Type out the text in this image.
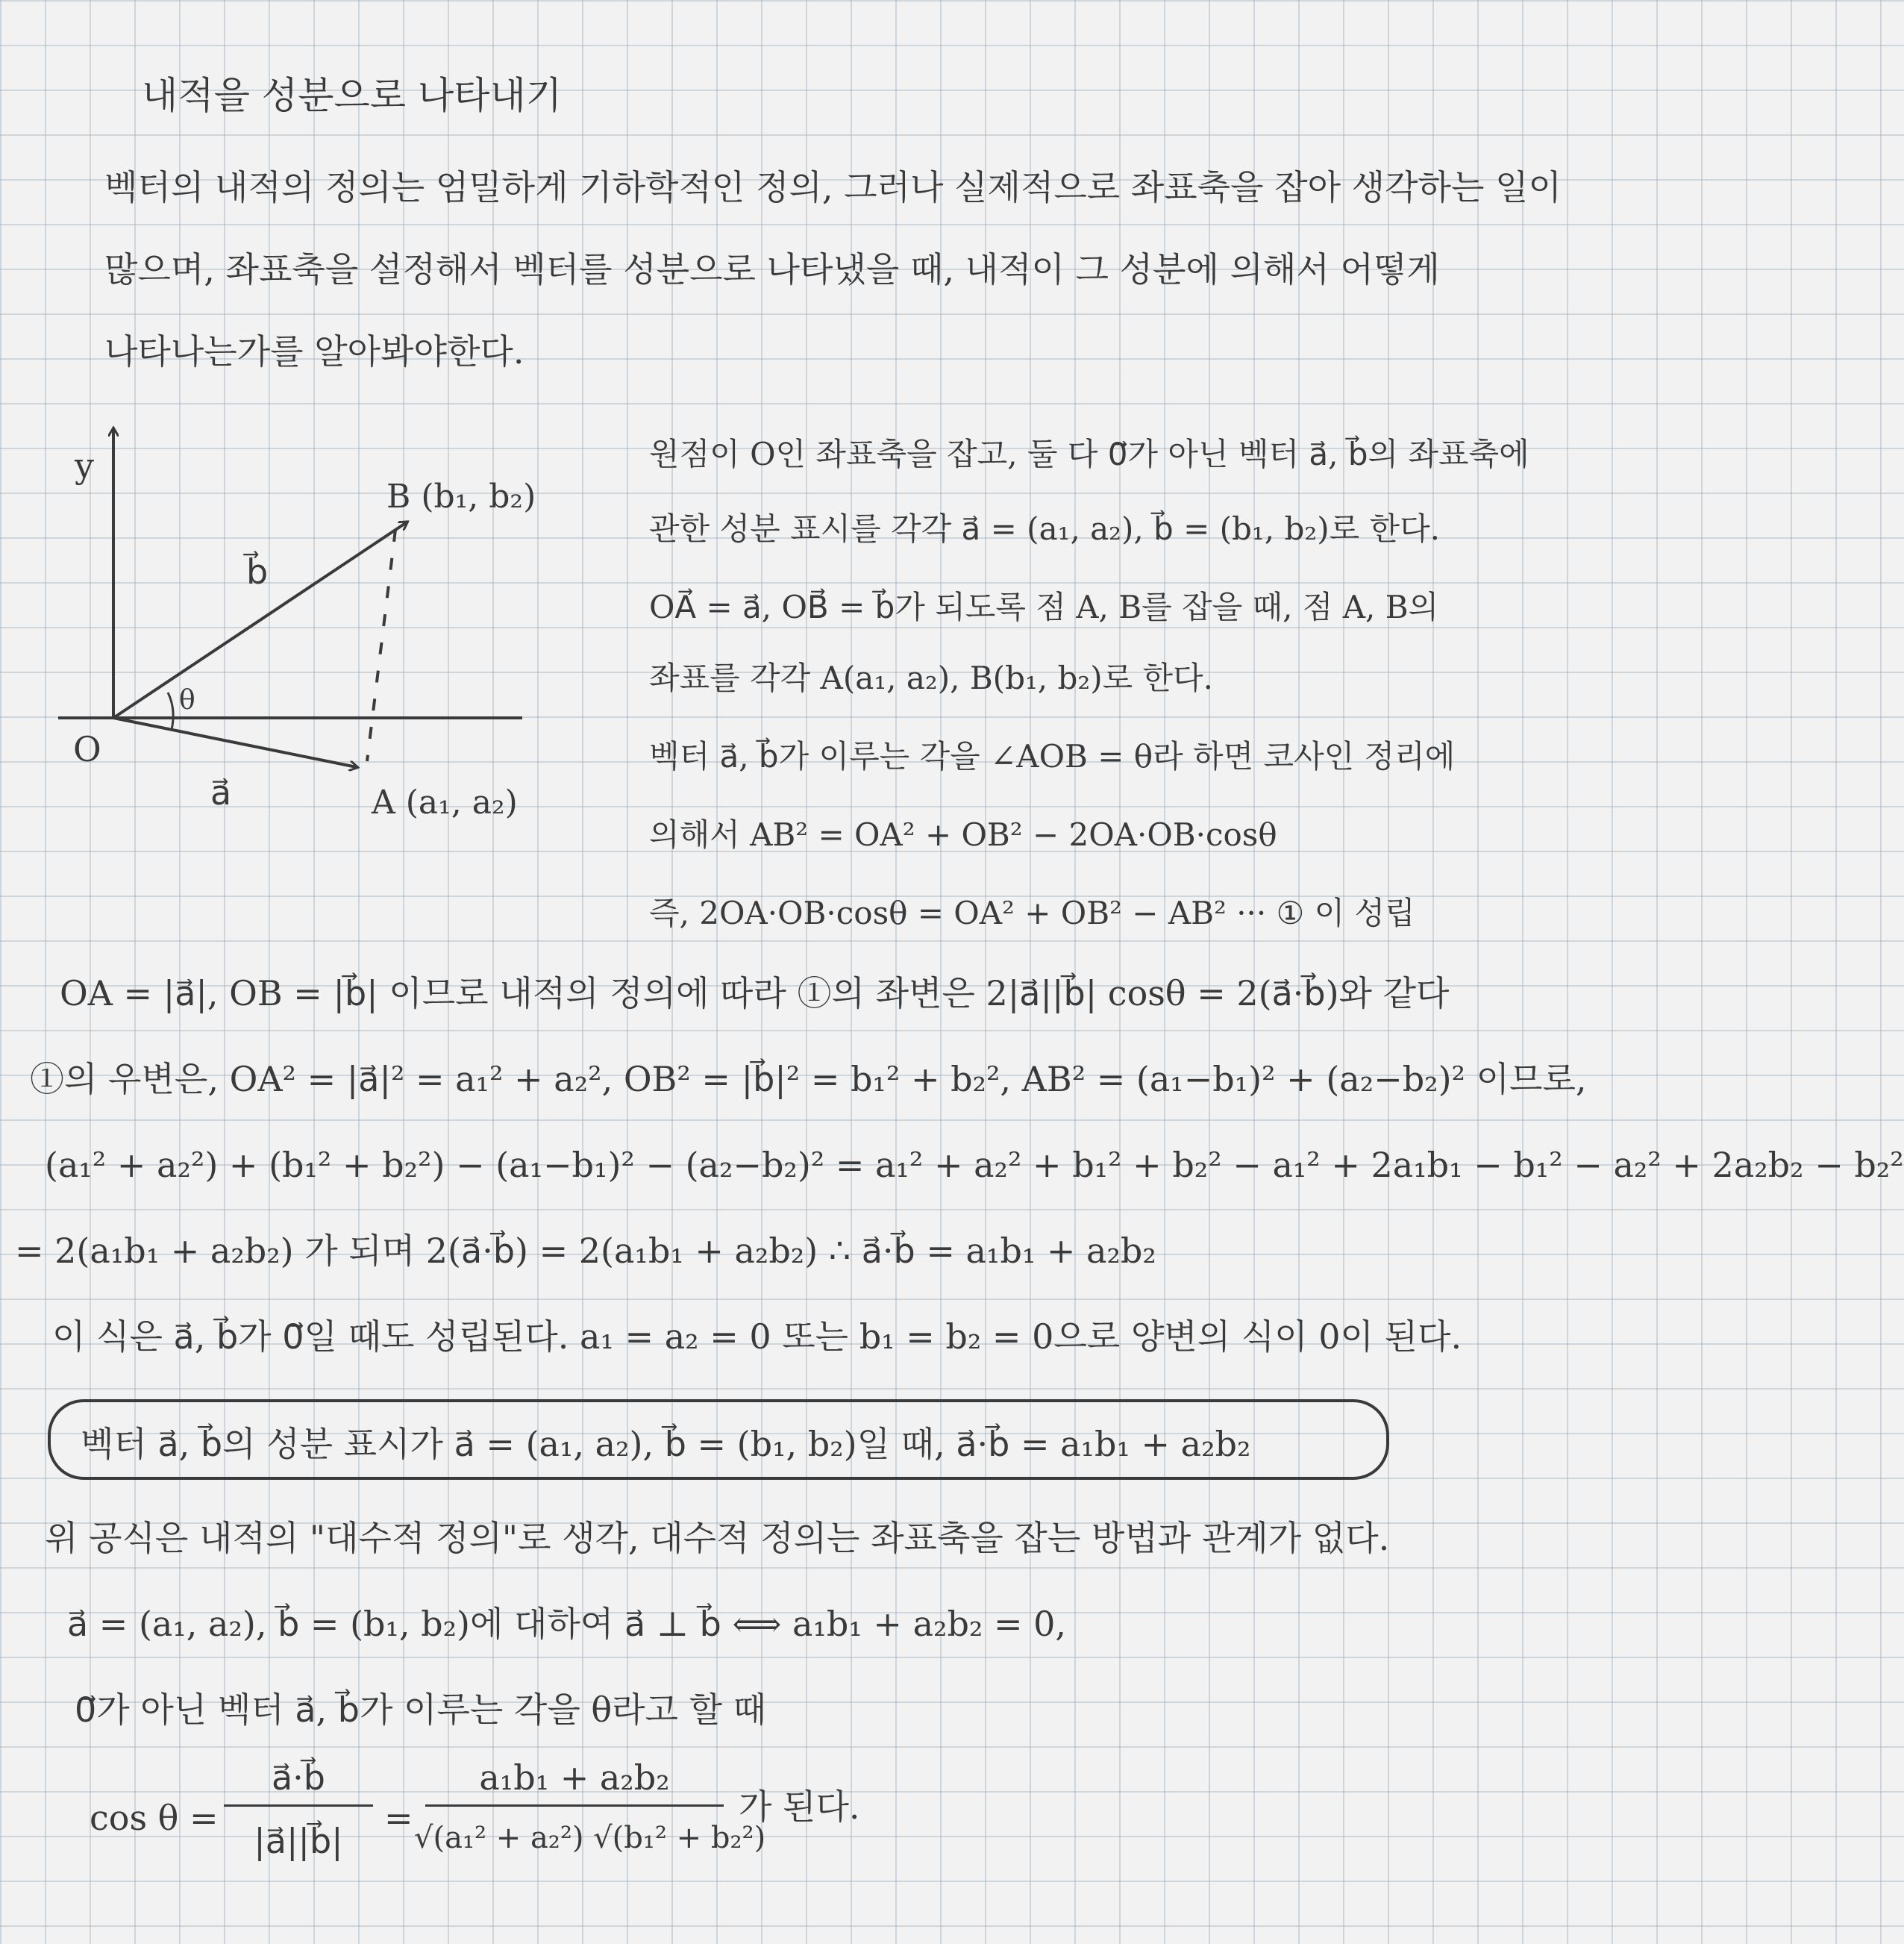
내적을 성분으로 나타내기
벡터의 내적의 정의는 엄밀하게 기하학적인 정의, 그러나 실제적으로 좌표축을 잡아 생각하는 일이
많으며, 좌표축을 설정해서 벡터를 성분으로 나타냈을 때, 내적이 그 성분에 의해서 어떻게
나타나는가를 알아봐야한다.
y
O
θ
B (b₁, b₂)
A (a₁, a₂)
b⃗
a⃗
원점이 O인 좌표축을 잡고, 둘 다 0⃗가 아닌 벡터 a⃗, b⃗의 좌표축에
관한 성분 표시를 각각 a⃗ = (a₁, a₂), b⃗ = (b₁, b₂)로 한다.
OA⃗ = a⃗, OB⃗ = b⃗가 되도록 점 A, B를 잡을 때, 점 A, B의
좌표를 각각 A(a₁, a₂), B(b₁, b₂)로 한다.
벡터 a⃗, b⃗가 이루는 각을 ∠AOB = θ라 하면 코사인 정리에
의해서 AB² = OA² + OB² − 2OA·OB·cosθ
즉, 2OA·OB·cosθ = OA² + OB² − AB² ··· ① 이 성립
OA = |a⃗|, OB = |b⃗| 이므로 내적의 정의에 따라 ①의 좌변은 2|a⃗||b⃗| cosθ = 2(a⃗·b⃗)와 같다
①의 우변은, OA² = |a⃗|² = a₁² + a₂², OB² = |b⃗|² = b₁² + b₂², AB² = (a₁−b₁)² + (a₂−b₂)² 이므로,
(a₁² + a₂²) + (b₁² + b₂²) − (a₁−b₁)² − (a₂−b₂)² = a₁² + a₂² + b₁² + b₂² − a₁² + 2a₁b₁ − b₁² − a₂² + 2a₂b₂ − b₂²
= 2(a₁b₁ + a₂b₂) 가 되며 2(a⃗·b⃗) = 2(a₁b₁ + a₂b₂) ∴ a⃗·b⃗ = a₁b₁ + a₂b₂
이 식은 a⃗, b⃗가 0⃗일 때도 성립된다. a₁ = a₂ = 0 또는 b₁ = b₂ = 0으로 양변의 식이 0이 된다.
벡터 a⃗, b⃗의 성분 표시가 a⃗ = (a₁, a₂), b⃗ = (b₁, b₂)일 때, a⃗·b⃗ = a₁b₁ + a₂b₂
위 공식은 내적의 "대수적 정의"로 생각, 대수적 정의는 좌표축을 잡는 방법과 관계가 없다.
a⃗ = (a₁, a₂), b⃗ = (b₁, b₂)에 대하여 a⃗ ⊥ b⃗ ⟺ a₁b₁ + a₂b₂ = 0,
0⃗가 아닌 벡터 a⃗, b⃗가 이루는 각을 θ라고 할 때
cos θ =
a⃗·b⃗
|a⃗||b⃗|
=
a₁b₁ + a₂b₂
√(a₁² + a₂²) √(b₁² + b₂²)
가 된다.
